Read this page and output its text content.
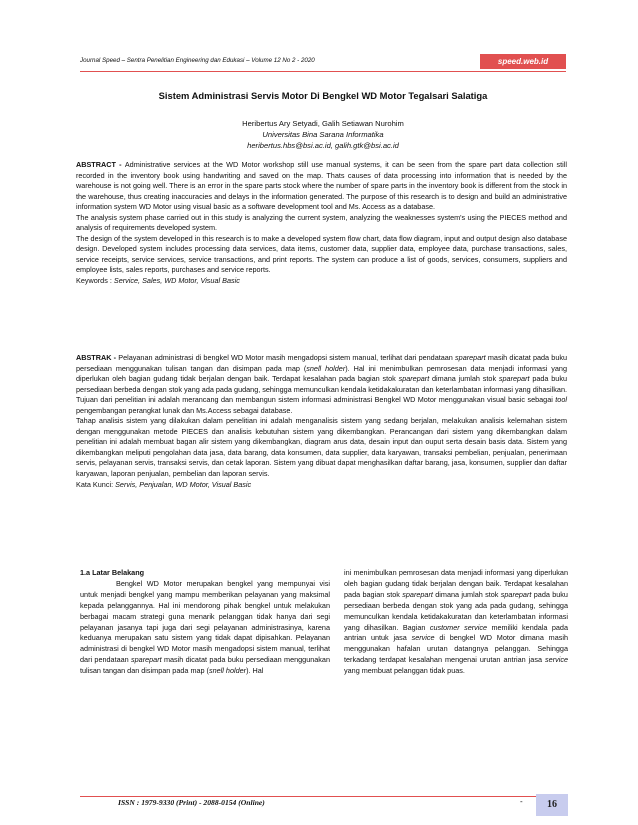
Journal Speed – Sentra Penelitian Engineering dan Edukasi – Volume 12 No 2 - 2020	speed.web.id
Sistem Administrasi Servis Motor Di Bengkel WD Motor Tegalsari Salatiga
Heribertus Ary Setyadi, Galih Setiawan Nurohim
Universitas Bina Sarana Informatika
heribertus.hbs@bsi.ac.id, galih.gtk@bsi.ac.id

ABSTRACT - Administrative services at the WD Motor workshop still use manual systems, it can be seen from the spare part data collection still recorded in the inventory book using handwriting and saved on the map. Thats causes of data processing into information that is needed by the warehouse is not going well. There is an error in the spare parts stock where the number of spare parts in the inventory book is different from the stock in the warehouse, thus creating inaccuracies and delays in the information generated. The purpose of this research is to design and build an administrative information system WD Motor using visual basic as a software development tool and Ms. Access as a database.

The analysis system phase carried out in this study is analyzing the current system, analyzing the weaknesses system's using the PIECES method and analysis of requirements developed system.

The design of the system developed in this research is to make a developed system flow chart, data flow diagram, input and output design also database design. Developed system includes processing data services, data items, customer data, supplier data, employee data, purchase transactions, sales, service receipts, service services, service transactions, and print reports. The system can produce a list of goods, services, consumers, suppliers and employee lists, sales reports, purchases and service reports.

Keywords : Service, Sales, WD Motor, Visual Basic

ABSTRAK - Pelayanan administrasi di bengkel WD Motor masih mengadopsi sistem manual, terlihat dari pendataan sparepart masih dicatat pada buku persediaan menggunakan tulisan tangan dan disimpan pada map (snell holder). Hal ini menimbulkan pemrosesan data menjadi informasi yang diperlukan oleh bagian gudang tidak berjalan dengan baik. Terdapat kesalahan pada bagian stok sparepart dimana jumlah stok sparepart pada buku persediaan berbeda dengan stok yang ada pada gudang, sehingga memunculkan kendala ketidakakuratan dan keterlambatan informasi yang dihasilkan. Tujuan dari penelitian ini adalah merancang dan membangun sistem informasi administrasi Bengkel WD Motor menggunakan visual basic sebagai tool pengembangan perangkat lunak dan Ms.Access sebagai database.

Tahap analisis sistem yang dilakukan dalam penelitian ini adalah menganalisis sistem yang sedang berjalan, melakukan analisis kelemahan sistem dengan menggunakan metode PIECES dan analisis kebutuhan sistem yang dikembangkan. Perancangan dari sistem yang dikembangkan dalam penelitian ini adalah membuat bagan alir sistem yang dikembangkan, diagram arus data, desain input dan ouput serta desain basis data. Sistem yang dikembangkan meliputi pengolahan data jasa, data barang, data konsumen, data supplier, data karyawan, transaksi pembelian, penjualan, penerimaan servis, pelayanan servis, transaksi servis, dan cetak laporan. Sistem yang dibuat dapat menghasilkan daftar barang, jasa, konsumen, supplier dan daftar karyawan, laporan penjualan, pembelian dan laporan servis.

Kata Kunci: Servis, Penjualan, WD Motor, Visual Basic

1.a Latar Belakang

Bengkel WD Motor merupakan bengkel yang mempunyai visi untuk menjadi bengkel yang mampu memberikan pelayanan yang maksimal kepada pelanggannya. Hal ini mendorong pihak bengkel untuk melakukan berbagai macam strategi guna menarik pelanggan tidak hanya dari segi pelayanan jasanya tapi juga dari segi pelayanan administrasinya, karena keduanya merupakan satu sistem yang tidak dapat dipisahkan. Pelayanan administrasi di bengkel WD Motor masih mengadopsi sistem manual, terlihat dari pendataan sparepart masih dicatat pada buku persediaan menggunakan tulisan tangan dan disimpan pada map (snell holder). Hal

ini menimbulkan pemrosesan data menjadi informasi yang diperlukan oleh bagian gudang tidak berjalan dengan baik. Terdapat kesalahan pada bagian stok sparepart dimana jumlah stok sparepart pada buku persediaan berbeda dengan stok yang ada pada gudang, sehingga memunculkan kendala ketidakakuratan dan keterlambatan informasi yang dihasilkan. Bagian customer service memiliki kendala pada antrian untuk jasa service di bengkel WD Motor dimana masih menggunakan hafalan urutan datangnya pelanggan. Sehingga terkadang terdapat kesalahan mengenai urutan antrian jasa service yang membuat pelanggan tidak puas.

ISSN : 1979-9330 (Print) - 2088-0154 (Online)	-	16
